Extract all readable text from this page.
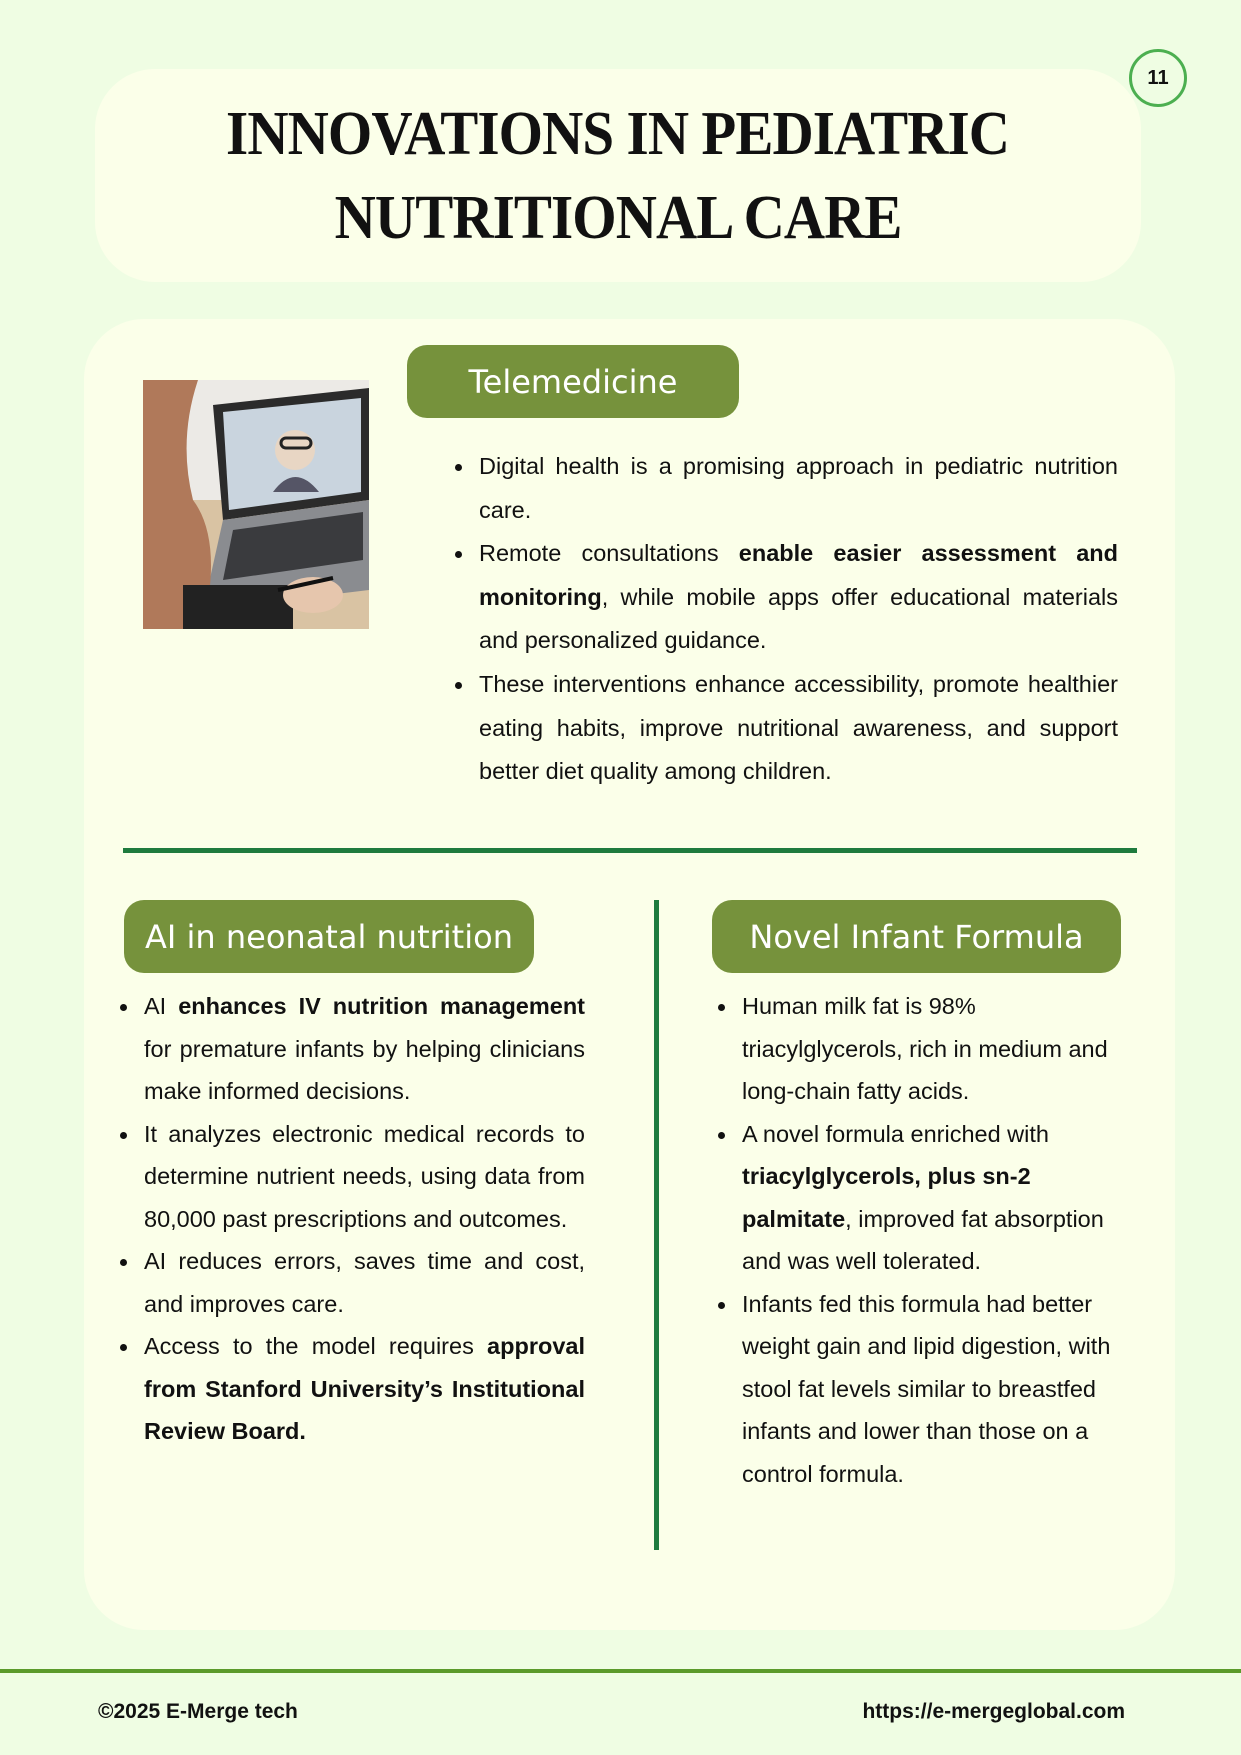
11
INNOVATIONS IN PEDIATRIC
NUTRITIONAL CARE
Telemedicine
Digital health is a promising approach in pediatric nutrition care.
Remote consultations enable easier assessment and monitoring, while mobile apps offer educational materials and personalized guidance.
These interventions enhance accessibility, promote healthier eating habits, improve nutritional awareness, and support better diet quality among children.
AI in neonatal nutrition
AI enhances IV nutrition management for premature infants by helping clinicians make informed decisions.
It analyzes electronic medical records to determine nutrient needs, using data from 80,000 past prescriptions and outcomes.
AI reduces errors, saves time and cost, and improves care.
Access to the model requires approval from Stanford University’s Institutional Review Board.
Novel Infant Formula
Human milk fat is 98% triacylglycerols, rich in medium and long-chain fatty acids.
A novel formula enriched with triacylglycerols, plus sn-2 palmitate, improved fat absorption and was well tolerated.
Infants fed this formula had better weight gain and lipid digestion, with stool fat levels similar to breastfed infants and lower than those on a control formula.
©2025 E-Merge tech	https://e-mergeglobal.com
